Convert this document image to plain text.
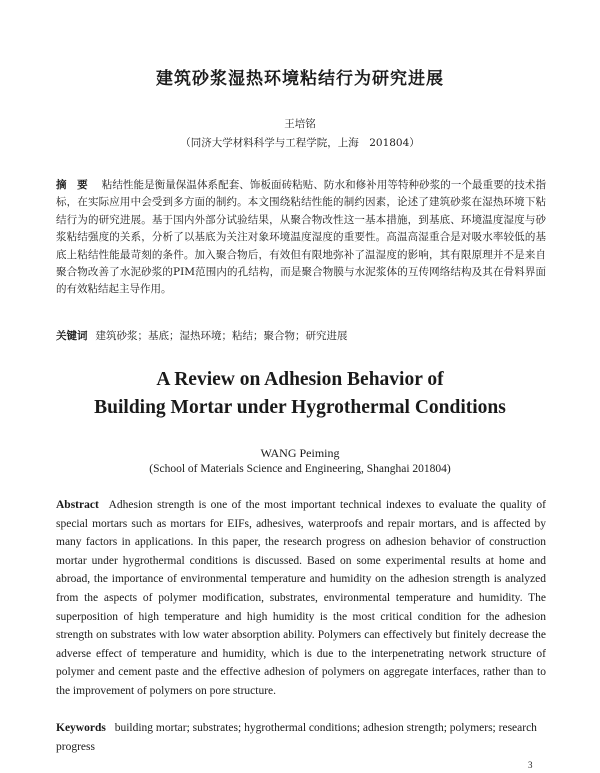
建筑砂浆湿热环境粘结行为研究进展
王培铭
（同济大学材料科学与工程学院，上海　201804）
摘　要 粘结性能是衡量保温体系配套、饰板面砖粘贴、防水和修补用等特种砂浆的一个最重要的技术指标，在实际应用中会受到多方面的制约。本文围绕粘结性能的制约因素，论述了建筑砂浆在湿热环境下粘结行为的研究进展。基于国内外部分试验结果，从聚合物改性这一基本措施，到基底、环境温度湿度与砂浆粘结强度的关系，分析了以基底为关注对象环境温度湿度的重要性。高温高湿重合是对吸水率较低的基底上粘结性能最苛刻的条件。加入聚合物后，有效但有限地弥补了温湿度的影响，其有限原理并不是来自聚合物改善了水泥砂浆的PIM范围内的孔结构，而是聚合物膜与水泥浆体的互传网络结构及其在骨料界面的有效粘结起主导作用。
关键词 建筑砂浆；基底；湿热环境；粘结；聚合物；研究进展
A Review on Adhesion Behavior of
Building Mortar under Hygrothermal Conditions
WANG Peiming
(School of Materials Science and Engineering, Shanghai 201804)
Abstract Adhesion strength is one of the most important technical indexes to evaluate the quality of special mortars such as mortars for EIFs, adhesives, waterproofs and repair mortars, and is affected by many factors in applications. In this paper, the research progress on adhesion behavior of construction mortar under hygrothermal conditions is discussed. Based on some experimental results at home and abroad, the importance of environmental temperature and humidity on the adhesion strength is analyzed from the aspects of polymer modification, substrates, environmental temperature and humidity. The superposition of high temperature and high humidity is the most critical condition for the adhesion strength on substrates with low water absorption ability. Polymers can effectively but finitely decrease the adverse effect of temperature and humidity, which is due to the interpenetrating network structure of polymer and cement paste and the effective adhesion of polymers on aggregate interfaces, rather than to the improvement of polymers on pore structure.
Keywords building mortar; substrates; hygrothermal conditions; adhesion strength; polymers; research progress
3
